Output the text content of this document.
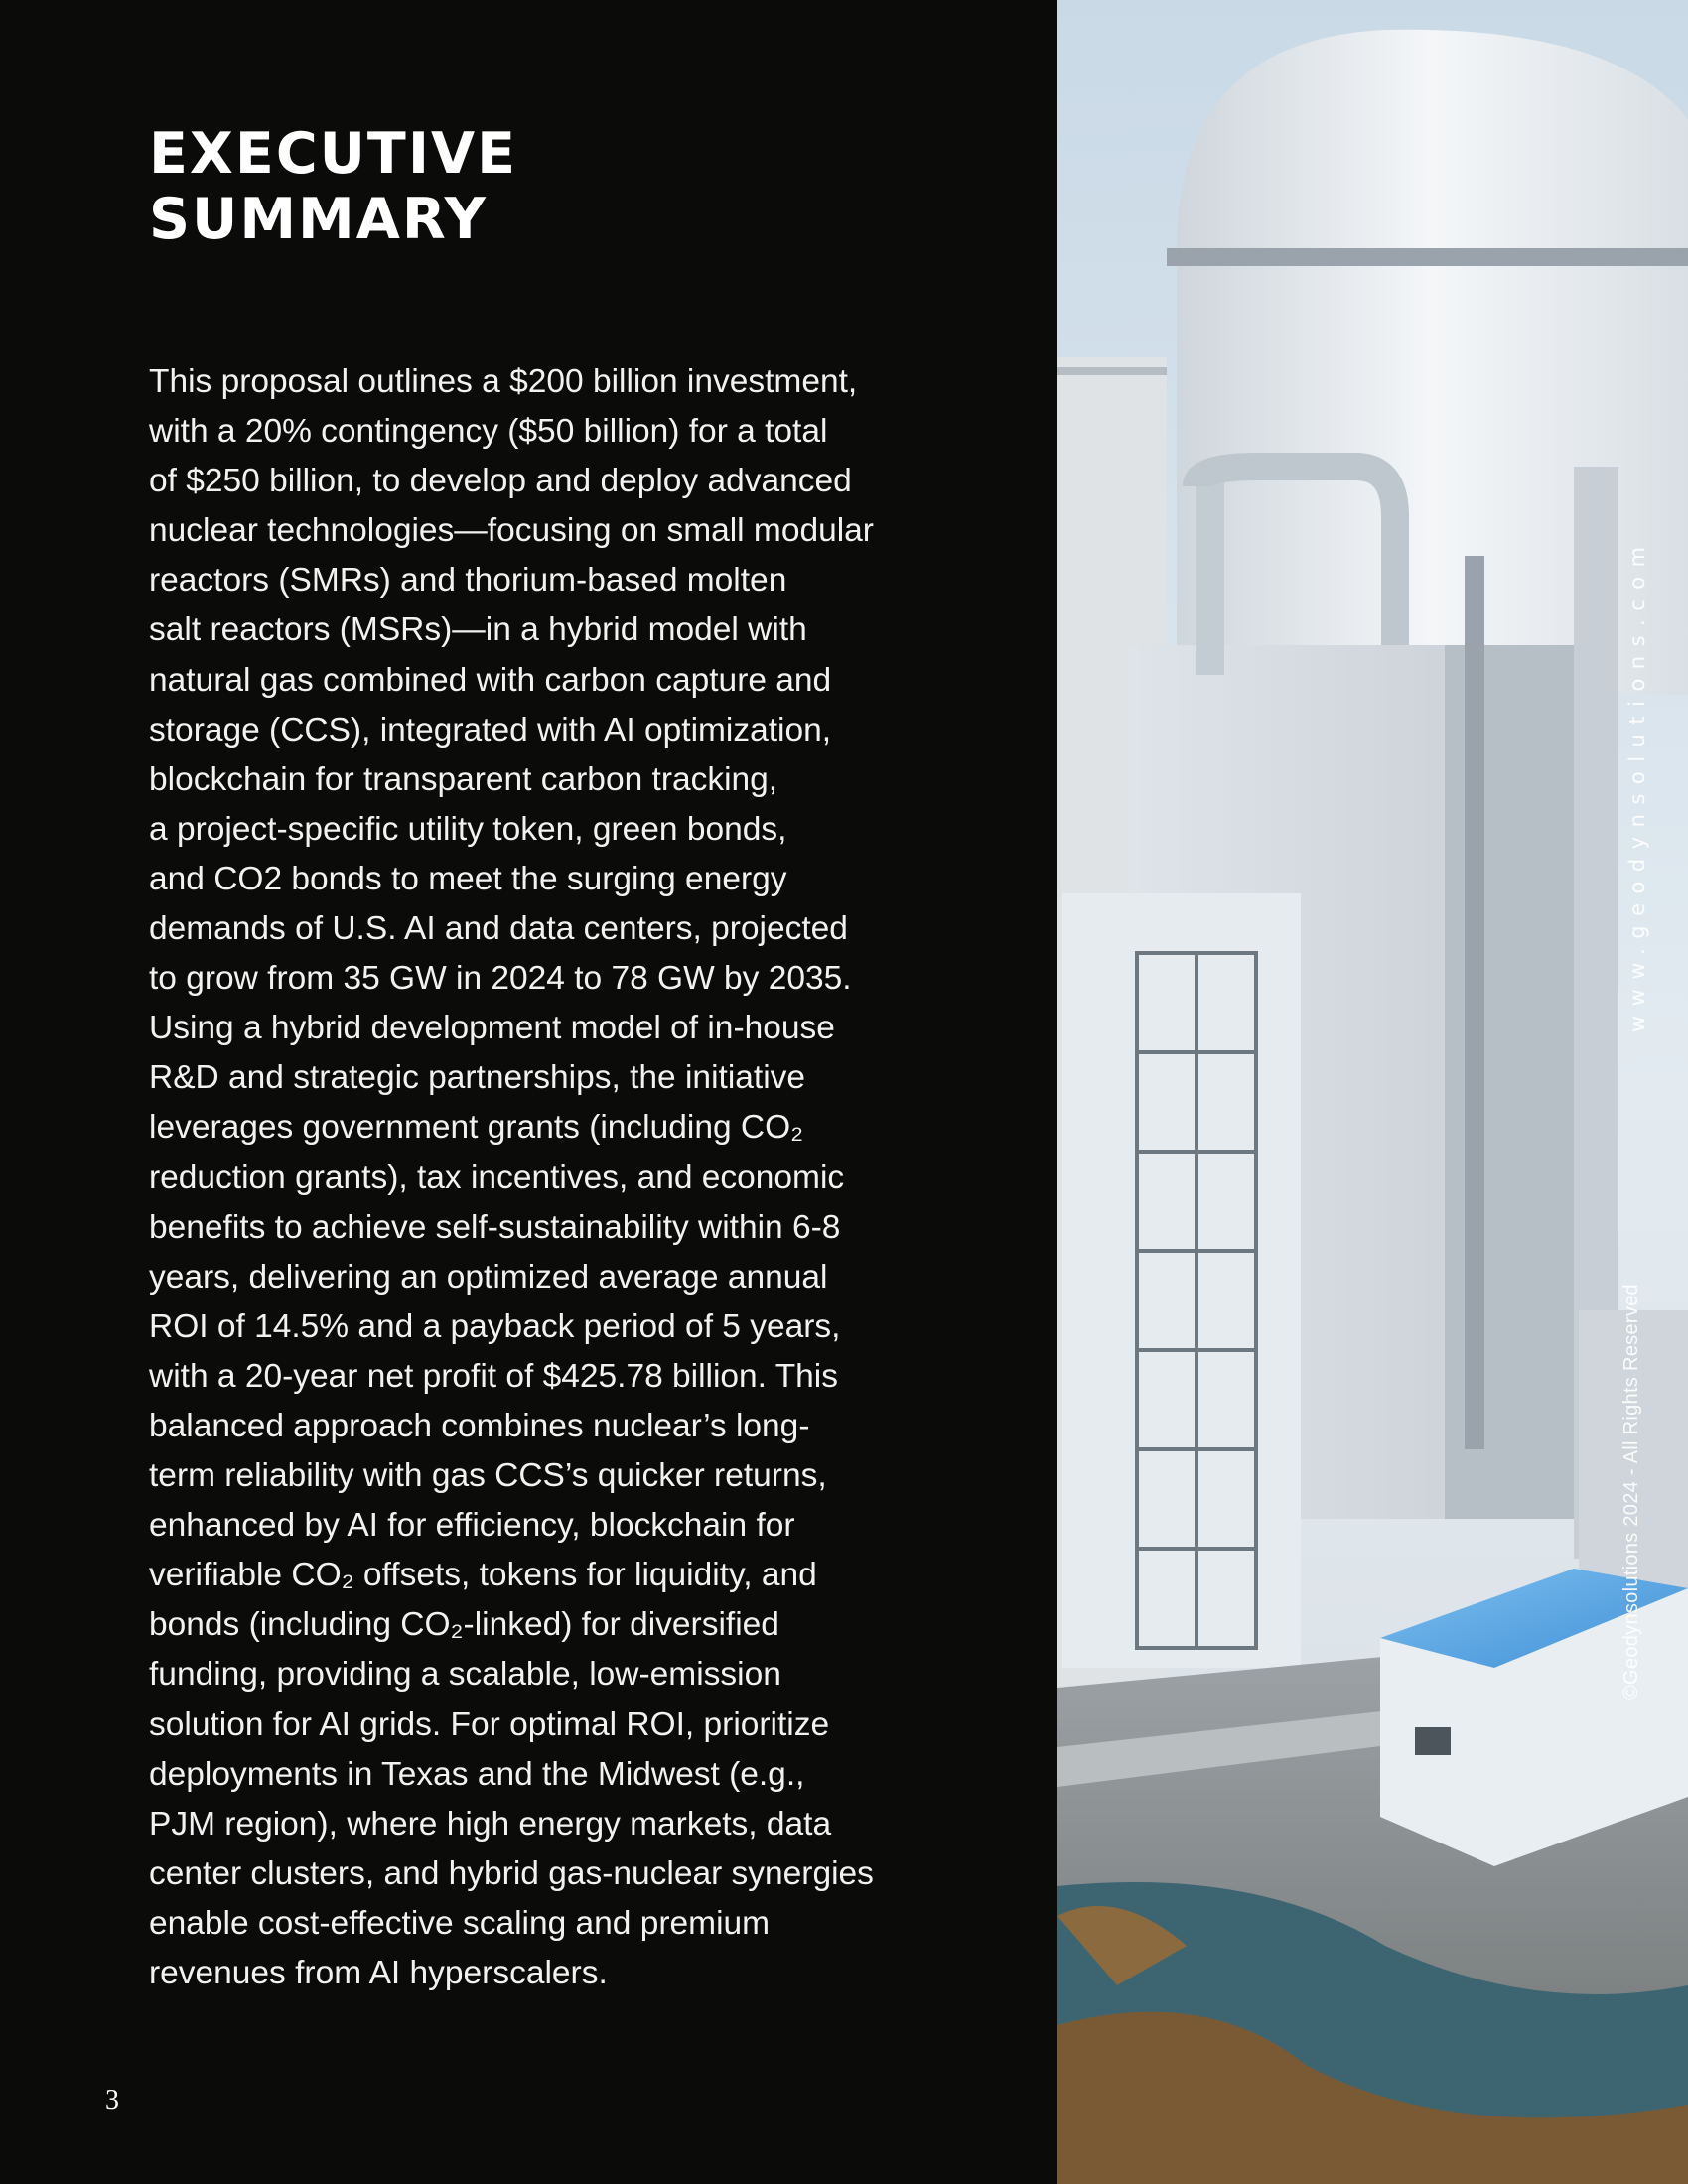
EXECUTIVE
SUMMARY
This proposal outlines a $200 billion investment,
with a 20% contingency ($50 billion) for a total
of $250 billion, to develop and deploy advanced
nuclear technologies—focusing on small modular
reactors (SMRs) and thorium-based molten
salt reactors (MSRs)—in a hybrid model with
natural gas combined with carbon capture and
storage (CCS), integrated with AI optimization,
blockchain for transparent carbon tracking,
a project-specific utility token, green bonds,
and CO2 bonds to meet the surging energy
demands of U.S. AI and data centers, projected
to grow from 35 GW in 2024 to 78 GW by 2035.
Using a hybrid development model of in-house
R&D and strategic partnerships, the initiative
leverages government grants (including CO₂
reduction grants), tax incentives, and economic
benefits to achieve self-sustainability within 6-8
years, delivering an optimized average annual
ROI of 14.5% and a payback period of 5 years,
with a 20-year net profit of $425.78 billion. This
balanced approach combines nuclear’s long-
term reliability with gas CCS’s quicker returns,
enhanced by AI for efficiency, blockchain for
verifiable CO₂ offsets, tokens for liquidity, and
bonds (including CO₂-linked) for diversified
funding, providing a scalable, low-emission
solution for AI grids. For optimal ROI, prioritize
deployments in Texas and the Midwest (e.g.,
PJM region), where high energy markets, data
center clusters, and hybrid gas-nuclear synergies
enable cost-effective scaling and premium
revenues from AI hyperscalers.
3
www.geodynsolutions.com
©Geodynsolutions 2024 - All Rights Reserved
